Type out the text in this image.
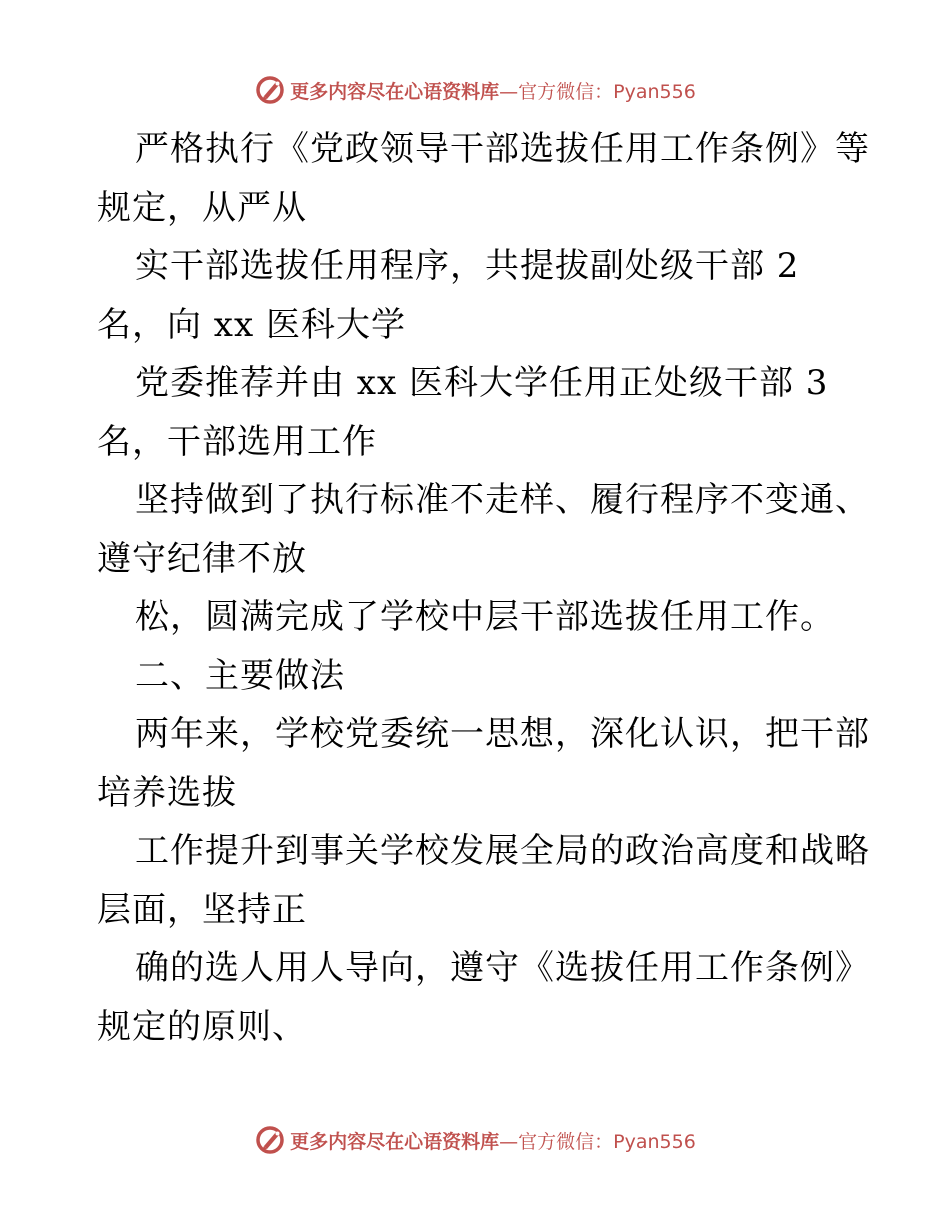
更多内容尽在心语资料库 —官方微信：Pyan556
严格执行《党政领导干部选拔任用工作条例》等
规定，从严从
实干部选拔任用程序，共提拔副处级干部 2
名，向 xx 医科大学
党委推荐并由 xx 医科大学任用正处级干部 3
名，干部选用工作
坚持做到了执行标准不走样、履行程序不变通、
遵守纪律不放
松，圆满完成了学校中层干部选拔任用工作。
二、主要做法
两年来，学校党委统一思想，深化认识，把干部
培养选拔
工作提升到事关学校发展全局的政治高度和战略
层面，坚持正
确的选人用人导向，遵守《选拔任用工作条例》
规定的原则、
更多内容尽在心语资料库 —官方微信：Pyan556
